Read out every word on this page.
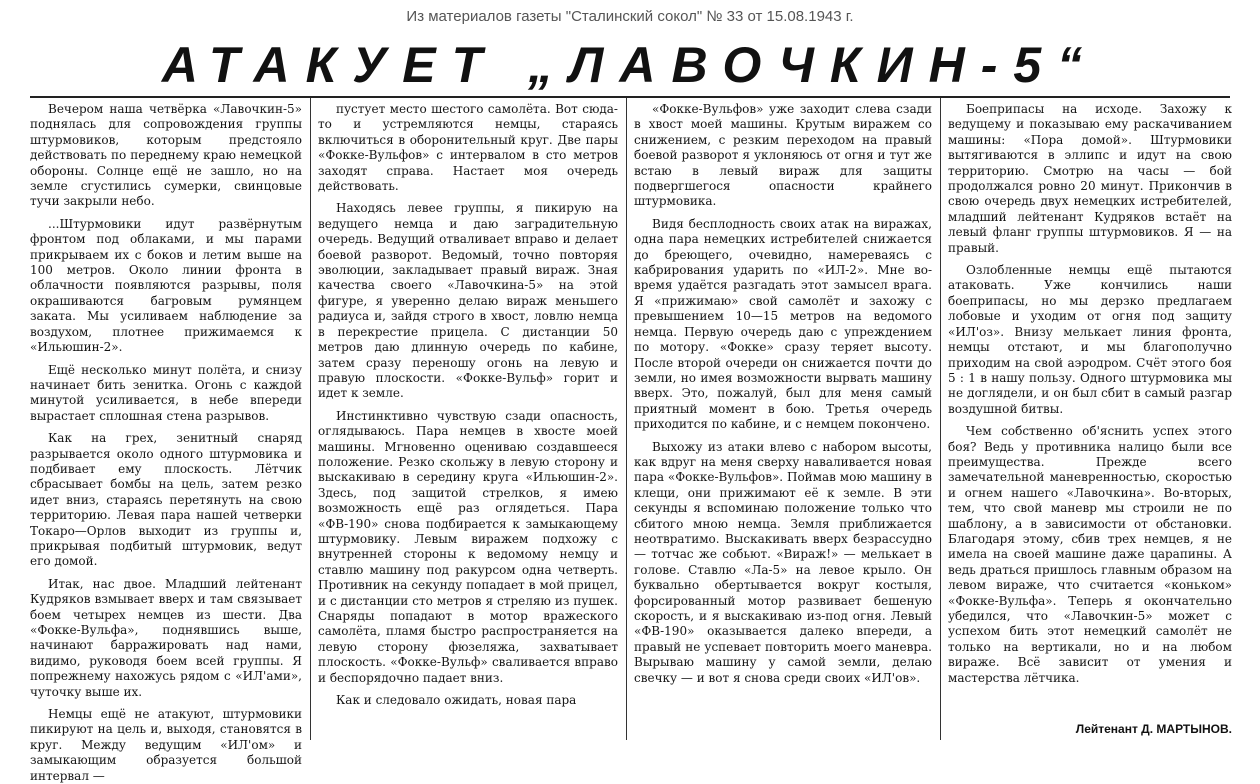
Из материалов газеты "Сталинский сокол" № 33 от 15.08.1943 г.
АТАКУЕТ „ЛАВОЧКИН-5“

Вечером наша четвёрка «Лавочкин-5» поднялась для сопровождения группы штурмовиков, которым предстояло действовать по переднему краю немецкой обороны. Солнце ещё не зашло, но на земле сгустились сумерки, свинцовые тучи закрыли небо.

...Штурмовики идут развёрнутым фронтом под облаками, и мы парами прикрываем их с боков и летим выше на 100 метров. Около линии фронта в облачности появляются разрывы, поля окрашиваются багровым румянцем заката. Мы усиливаем наблюдение за воздухом, плотнее прижимаемся к «Ильюшин-2».

Ещё несколько минут полёта, и снизу начинает бить зенитка. Огонь с каждой минутой усиливается, в небе впереди вырастает сплошная стена разрывов.

Как на грех, зенитный снаряд разрывается около одного штурмовика и подбивает ему плоскость. Лётчик сбрасывает бомбы на цель, затем резко идет вниз, стараясь перетянуть на свою территорию. Левая пара нашей четверки Токаро—Орлов выходит из группы и, прикрывая подбитый штурмовик, ведут его домой.

Итак, нас двое. Младший лейтенант Кудряков взмывает вверх и там связывает боем четырех немцев из шести. Два «Фокке-Вульфа», поднявшись выше, начинают барражировать над нами, видимо, руководя боем всей группы. Я попрежнему нахожусь рядом с «ИЛ'ами», чуточку выше их.

Немцы ещё не атакуют, штурмовики пикируют на цель и, выходя, становятся в круг. Между ведущим «ИЛ'ом» и замыкающим образуется большой интервал —

пустует место шестого самолёта. Вот сюда-то и устремляются немцы, стараясь включиться в оборонительный круг. Две пары «Фокке-Вульфов» с интервалом в сто метров заходят справа. Настает моя очередь действовать.

Находясь левее группы, я пикирую на ведущего немца и даю заградительную очередь. Ведущий отваливает вправо и делает боевой разворот. Ведомый, точно повторяя эволюции, закладывает правый вираж. Зная качества своего «Лавочкина-5» на этой фигуре, я уверенно делаю вираж меньшего радиуса и, зайдя строго в хвост, ловлю немца в перекрестие прицела. С дистанции 50 метров даю длинную очередь по кабине, затем сразу переношу огонь на левую и правую плоскости. «Фокке-Вульф» горит и идет к земле.

Инстинктивно чувствую сзади опасность, оглядываюсь. Пара немцев в хвосте моей машины. Мгновенно оцениваю создавшееся положение. Резко скольжу в левую сторону и выскакиваю в середину круга «Ильюшин-2». Здесь, под защитой стрелков, я имею возможность ещё раз оглядеться. Пара «ФВ-190» снова подбирается к замыкающему штурмовику. Левым виражем подхожу с внутренней стороны к ведомому немцу и ставлю машину под ракурсом одна четверть. Противник на секунду попадает в мой прицел, и с дистанции сто метров я стреляю из пушек. Снаряды попадают в мотор вражеского самолёта, пламя быстро распространяется на левую сторону фюзеляжа, захватывает плоскость. «Фокке-Вульф» сваливается вправо и беспорядочно падает вниз.

Как и следовало ожидать, новая пара

«Фокке-Вульфов» уже заходит слева сзади в хвост моей машины. Крутым виражем со снижением, с резким переходом на правый боевой разворот я уклоняюсь от огня и тут же встаю в левый вираж для защиты подвергшегося опасности крайнего штурмовика.

Видя бесплодность своих атак на виражах, одна пара немецких истребителей снижается до бреющего, очевидно, намереваясь с кабрирования ударить по «ИЛ-2». Мне во-время удаётся разгадать этот замысел врага. Я «прижимаю» свой самолёт и захожу с превышением 10—15 метров на ведомого немца. Первую очередь даю с упреждением по мотору. «Фокке» сразу теряет высоту. После второй очереди он снижается почти до земли, но имея возможности вырвать машину вверх. Это, пожалуй, был для меня самый приятный момент в бою. Третья очередь приходится по кабине, и с немцем покончено.

Выхожу из атаки влево с набором высоты, как вдруг на меня сверху наваливается новая пара «Фокке-Вульфов». Поймав мою машину в клещи, они прижимают её к земле. В эти секунды я вспоминаю положение только что сбитого мною немца. Земля приближается неотвратимо. Выскакивать вверх безрассудно — тотчас же собьют. «Вираж!» — мелькает в голове. Ставлю «Ла-5» на левое крыло. Он буквально обертывается вокруг костыля, форсированный мотор развивает бешеную скорость, и я выскакиваю из-под огня. Левый «ФВ-190» оказывается далеко впереди, а правый не успевает повторить моего маневра. Вырываю машину у самой земли, делаю свечку — и вот я снова среди своих «ИЛ'ов».

Боеприпасы на исходе. Захожу к ведущему и показываю ему раскачиванием машины: «Пора домой». Штурмовики вытягиваются в эллипс и идут на свою территорию. Смотрю на часы — бой продолжался ровно 20 минут. Прикончив в свою очередь двух немецких истребителей, младший лейтенант Кудряков встаёт на левый фланг группы штурмовиков. Я — на правый.

Озлобленные немцы ещё пытаются атаковать. Уже кончились наши боеприпасы, но мы дерзко предлагаем лобовые и уходим от огня под защиту «ИЛ'оз». Внизу мелькает линия фронта, немцы отстают, и мы благополучно приходим на свой аэродром. Счёт этого боя 5 : 1 в нашу пользу. Одного штурмовика мы не доглядели, и он был сбит в самый разгар воздушной битвы.

Чем собственно об'яснить успех этого боя? Ведь у противника налицо были все преимущества. Прежде всего замечательной маневренностью, скоростью и огнем нашего «Лавочкина». Во-вторых, тем, что свой маневр мы строили не по шаблону, а в зависимости от обстановки. Благодаря этому, сбив трех немцев, я не имела на своей машине даже царапины. А ведь драться пришлось главным образом на левом вираже, что считается «коньком» «Фокке-Вульфа». Теперь я окончательно убедился, что «Лавочкин-5» может с успехом бить этот немецкий самолёт не только на вертикали, но и на любом вираже. Всё зависит от умения и мастерства лётчика.

Лейтенант Д. МАРТЫНОВ.
